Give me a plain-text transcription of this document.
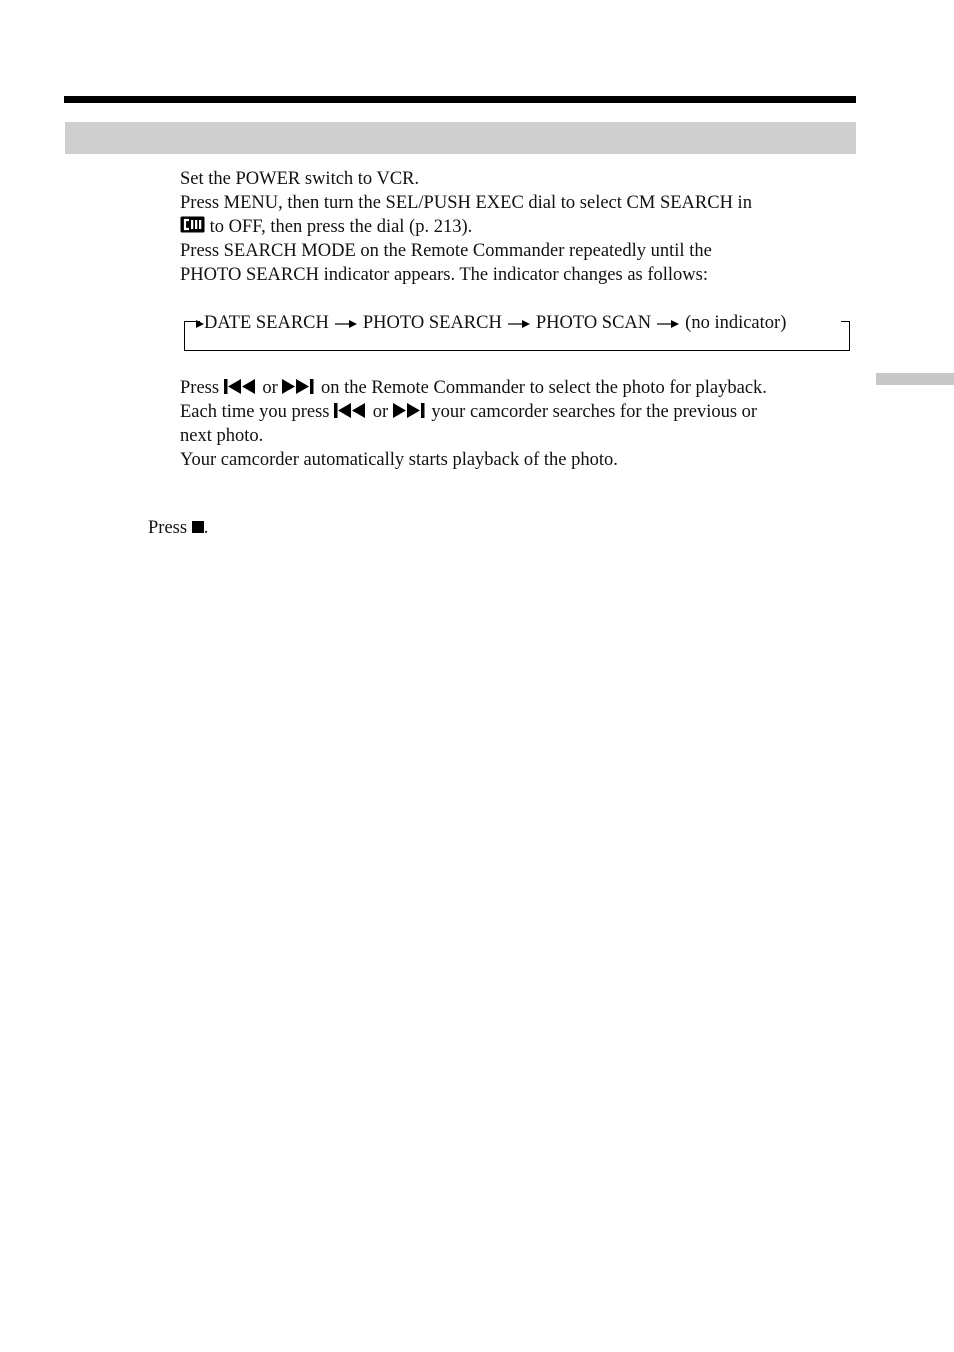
Set the POWER switch to VCR.
Press MENU, then turn the SEL/PUSH EXEC dial to select CM SEARCH in
to OFF, then press the dial (p. 213).
Press SEARCH MODE on the Remote Commander repeatedly until the
PHOTO SEARCH indicator appears. The indicator changes as follows:
DATE SEARCH PHOTO SEARCH PHOTO SCAN (no indicator)
Press or on the Remote Commander to select the photo for playback.
Each time you press or your camcorder searches for the previous or
next photo.
Your camcorder automatically starts playback of the photo.
Press .
